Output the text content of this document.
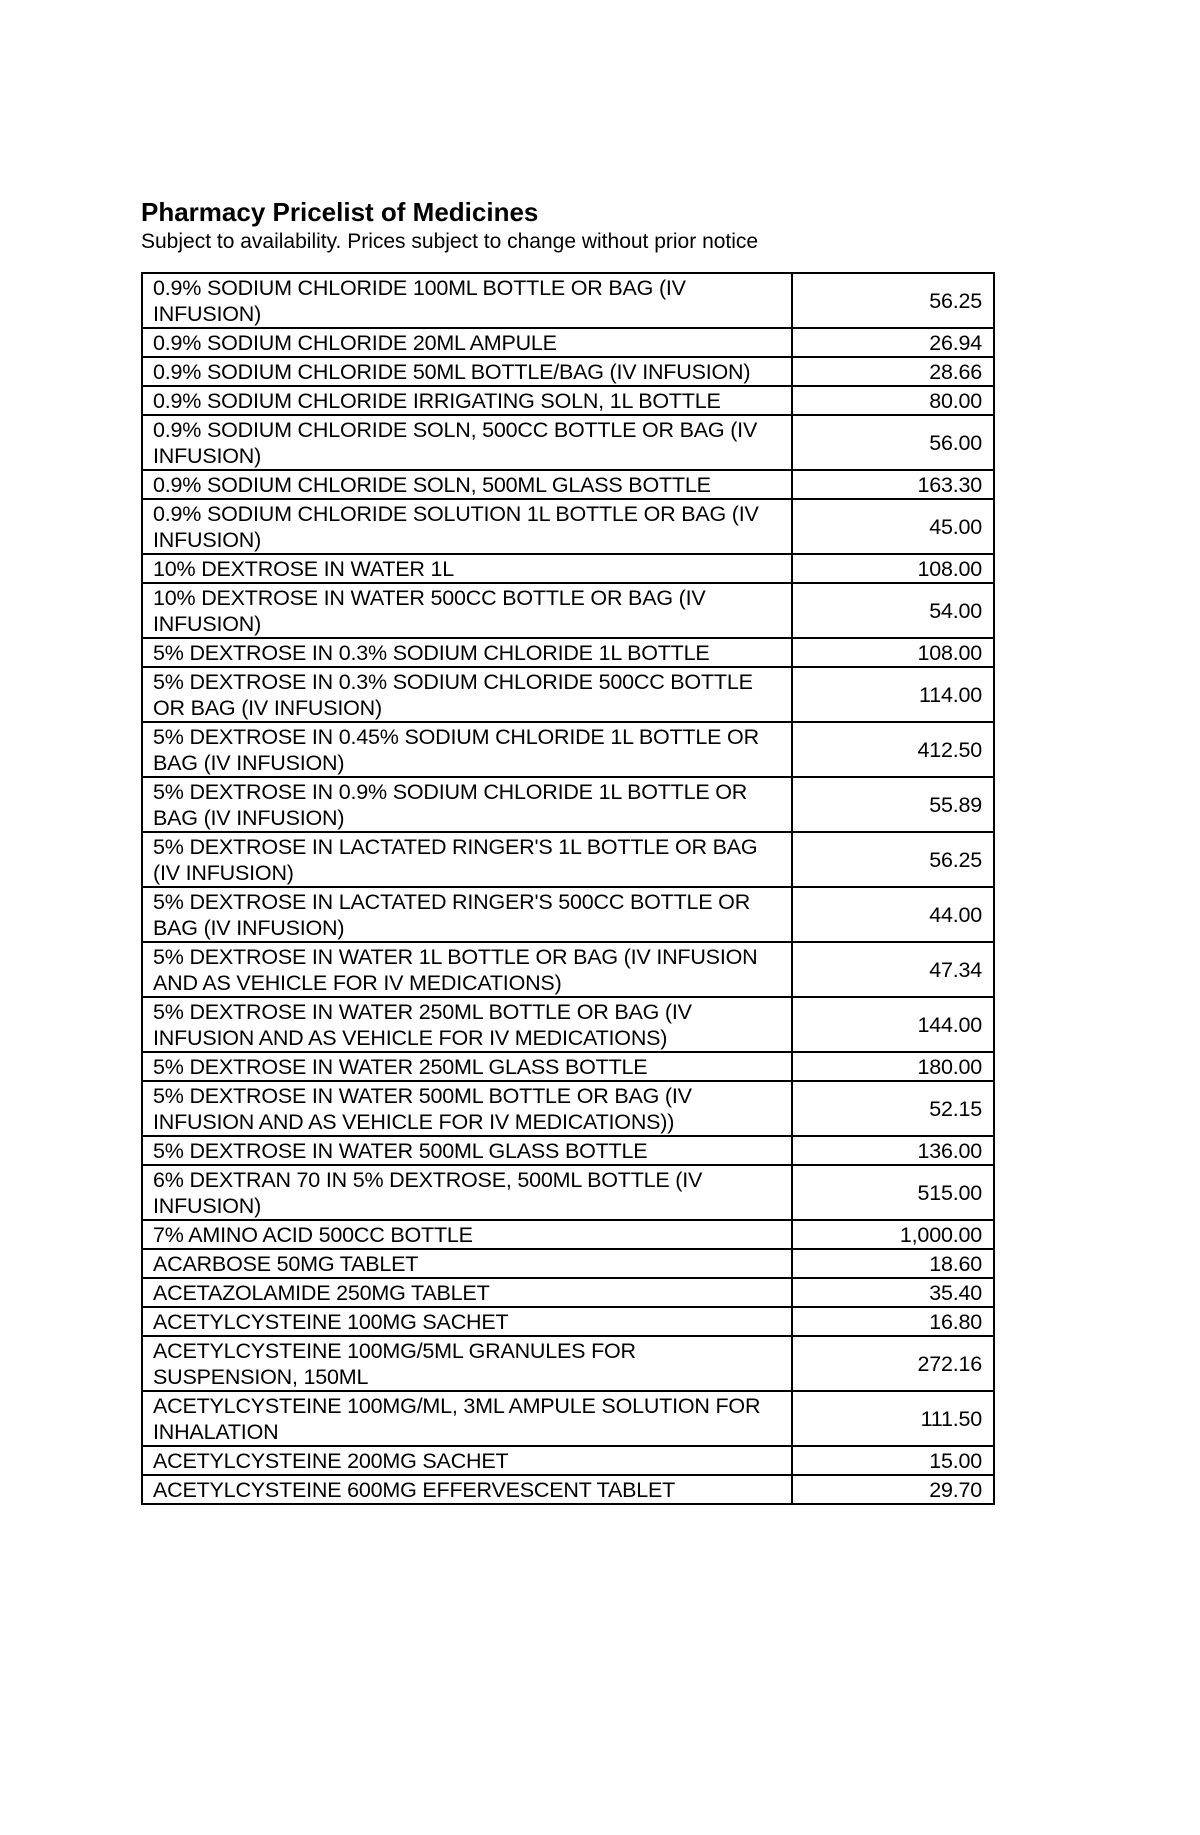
Pharmacy Pricelist of Medicines

Subject to availability. Prices subject to change without prior notice

0.9% SODIUM CHLORIDE 100ML BOTTLE OR BAG (IV INFUSION)	56.25
0.9% SODIUM CHLORIDE 20ML AMPULE	26.94
0.9% SODIUM CHLORIDE 50ML BOTTLE/BAG (IV INFUSION)	28.66
0.9% SODIUM CHLORIDE IRRIGATING SOLN, 1L BOTTLE	80.00
0.9% SODIUM CHLORIDE SOLN, 500CC BOTTLE OR BAG (IV INFUSION)	56.00
0.9% SODIUM CHLORIDE SOLN, 500ML GLASS BOTTLE	163.30
0.9% SODIUM CHLORIDE SOLUTION 1L BOTTLE OR BAG (IV INFUSION)	45.00
10% DEXTROSE IN WATER 1L	108.00
10% DEXTROSE IN WATER 500CC BOTTLE OR BAG (IV INFUSION)	54.00
5% DEXTROSE IN 0.3% SODIUM CHLORIDE 1L BOTTLE	108.00
5% DEXTROSE IN 0.3% SODIUM CHLORIDE 500CC BOTTLE OR BAG (IV INFUSION)	114.00
5% DEXTROSE IN 0.45% SODIUM CHLORIDE 1L BOTTLE OR BAG (IV INFUSION)	412.50
5% DEXTROSE IN 0.9% SODIUM CHLORIDE 1L BOTTLE OR BAG (IV INFUSION)	55.89
5% DEXTROSE IN LACTATED RINGER'S 1L BOTTLE OR BAG (IV INFUSION)	56.25
5% DEXTROSE IN LACTATED RINGER'S 500CC BOTTLE OR BAG (IV INFUSION)	44.00
5% DEXTROSE IN WATER 1L BOTTLE OR BAG (IV INFUSION AND AS VEHICLE FOR IV MEDICATIONS)	47.34
5% DEXTROSE IN WATER 250ML BOTTLE OR BAG (IV INFUSION AND AS VEHICLE FOR IV MEDICATIONS)	144.00
5% DEXTROSE IN WATER 250ML GLASS BOTTLE	180.00
5% DEXTROSE IN WATER 500ML BOTTLE OR BAG (IV INFUSION AND AS VEHICLE FOR IV MEDICATIONS))	52.15
5% DEXTROSE IN WATER 500ML GLASS BOTTLE	136.00
6% DEXTRAN 70 IN 5% DEXTROSE, 500ML BOTTLE (IV INFUSION)	515.00
7% AMINO ACID 500CC BOTTLE	1,000.00
ACARBOSE 50MG TABLET	18.60
ACETAZOLAMIDE 250MG TABLET	35.40
ACETYLCYSTEINE 100MG SACHET	16.80
ACETYLCYSTEINE 100MG/5ML GRANULES FOR SUSPENSION, 150ML	272.16
ACETYLCYSTEINE 100MG/ML, 3ML AMPULE SOLUTION FOR INHALATION	111.50
ACETYLCYSTEINE 200MG SACHET	15.00
ACETYLCYSTEINE 600MG EFFERVESCENT TABLET	29.70
